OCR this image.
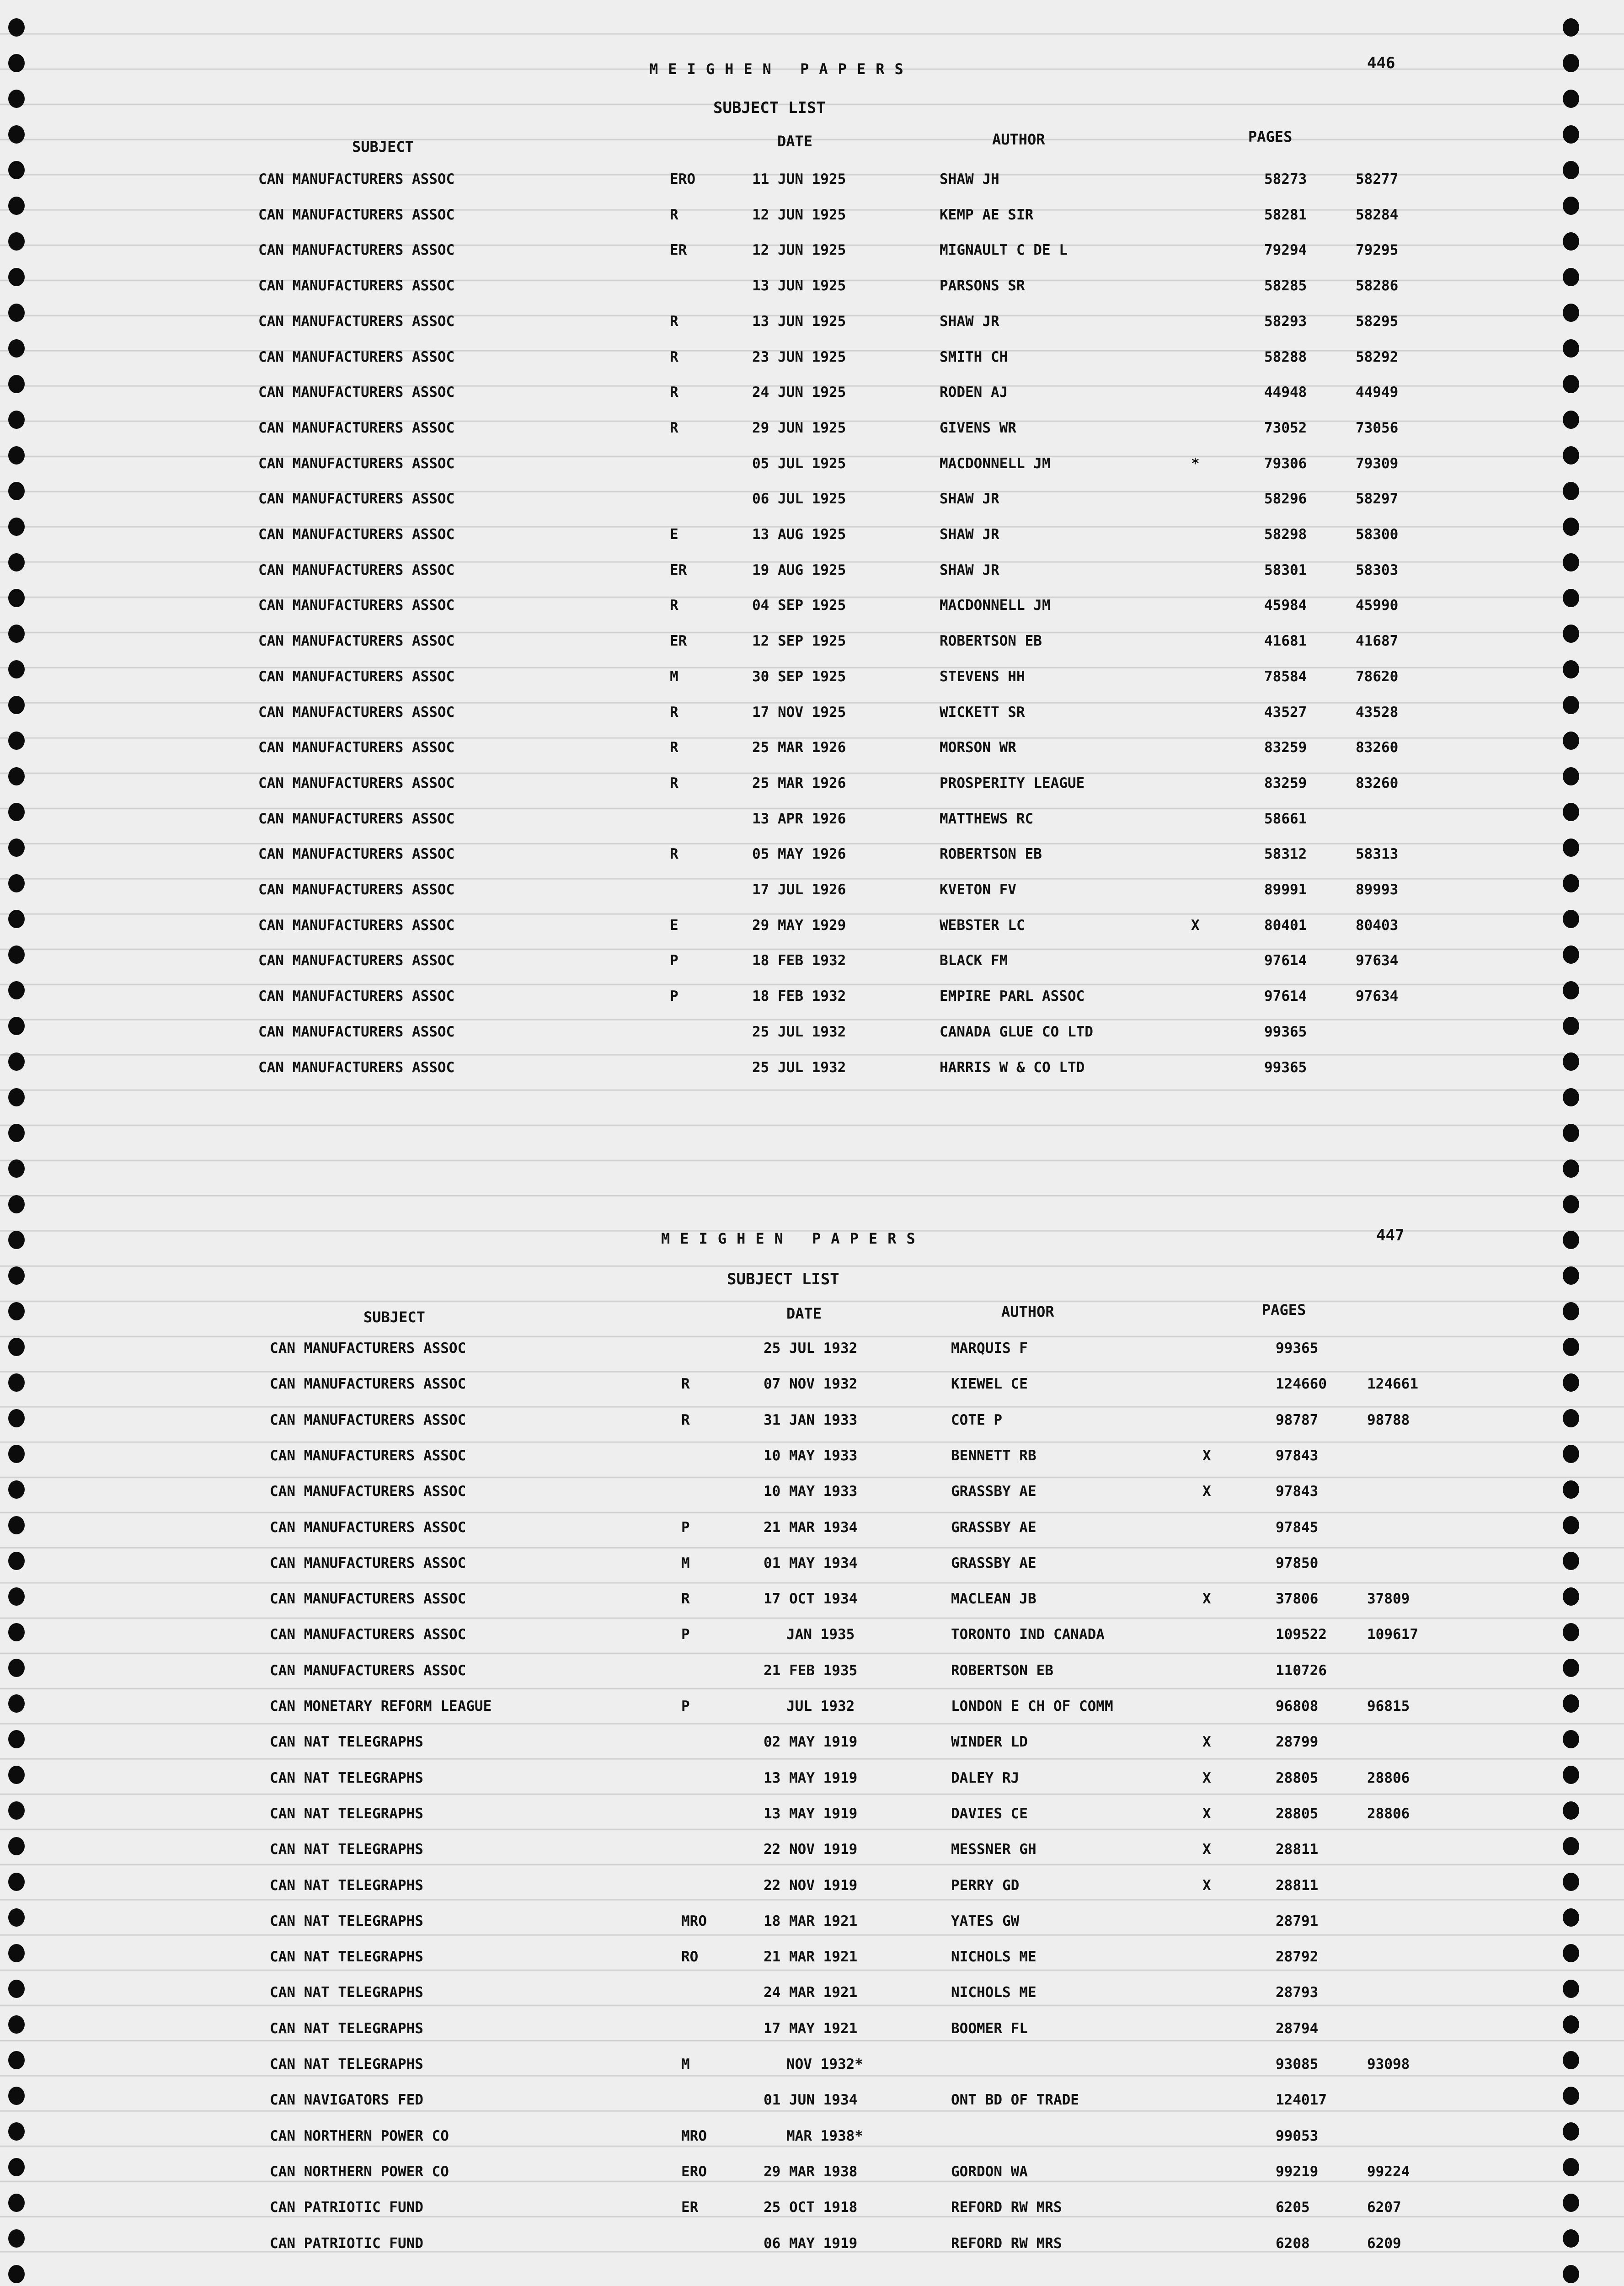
MEIGHEN PAPERS	446
SUBJECT LIST
SUBJECT	DATE	AUTHOR	PAGES
CAN MANUFACTURERS ASSOC	ERO	11 JUN 1925	SHAW JH	58273	58277
CAN MANUFACTURERS ASSOC	R	12 JUN 1925	KEMP AE SIR	58281	58284
CAN MANUFACTURERS ASSOC	ER	12 JUN 1925	MIGNAULT C DE L	79294	79295
CAN MANUFACTURERS ASSOC	13 JUN 1925	PARSONS SR	58285	58286
CAN MANUFACTURERS ASSOC	R	13 JUN 1925	SHAW JR	58293	58295
CAN MANUFACTURERS ASSOC	R	23 JUN 1925	SMITH CH	58288	58292
CAN MANUFACTURERS ASSOC	R	24 JUN 1925	RODEN AJ	44948	44949
CAN MANUFACTURERS ASSOC	R	29 JUN 1925	GIVENS WR	73052	73056
CAN MANUFACTURERS ASSOC	05 JUL 1925	MACDONNELL JM	*	79306	79309
CAN MANUFACTURERS ASSOC	06 JUL 1925	SHAW JR	58296	58297
CAN MANUFACTURERS ASSOC	E	13 AUG 1925	SHAW JR	58298	58300
CAN MANUFACTURERS ASSOC	ER	19 AUG 1925	SHAW JR	58301	58303
CAN MANUFACTURERS ASSOC	R	04 SEP 1925	MACDONNELL JM	45984	45990
CAN MANUFACTURERS ASSOC	ER	12 SEP 1925	ROBERTSON EB	41681	41687
CAN MANUFACTURERS ASSOC	M	30 SEP 1925	STEVENS HH	78584	78620
CAN MANUFACTURERS ASSOC	R	17 NOV 1925	WICKETT SR	43527	43528
CAN MANUFACTURERS ASSOC	R	25 MAR 1926	MORSON WR	83259	83260
CAN MANUFACTURERS ASSOC	R	25 MAR 1926	PROSPERITY LEAGUE	83259	83260
CAN MANUFACTURERS ASSOC	13 APR 1926	MATTHEWS RC	58661
CAN MANUFACTURERS ASSOC	R	05 MAY 1926	ROBERTSON EB	58312	58313
CAN MANUFACTURERS ASSOC	17 JUL 1926	KVETON FV	89991	89993
CAN MANUFACTURERS ASSOC	E	29 MAY 1929	WEBSTER LC	X	80401	80403
CAN MANUFACTURERS ASSOC	P	18 FEB 1932	BLACK FM	97614	97634
CAN MANUFACTURERS ASSOC	P	18 FEB 1932	EMPIRE PARL ASSOC	97614	97634
CAN MANUFACTURERS ASSOC	25 JUL 1932	CANADA GLUE CO LTD	99365
CAN MANUFACTURERS ASSOC	25 JUL 1932	HARRIS W & CO LTD	99365
MEIGHEN PAPERS	447
SUBJECT LIST
SUBJECT	DATE	AUTHOR	PAGES
CAN MANUFACTURERS ASSOC	25 JUL 1932	MARQUIS F	99365
CAN MANUFACTURERS ASSOC	R	07 NOV 1932	KIEWEL CE	124660	124661
CAN MANUFACTURERS ASSOC	R	31 JAN 1933	COTE P	98787	98788
CAN MANUFACTURERS ASSOC	10 MAY 1933	BENNETT RB	X	97843
CAN MANUFACTURERS ASSOC	10 MAY 1933	GRASSBY AE	X	97843
CAN MANUFACTURERS ASSOC	P	21 MAR 1934	GRASSBY AE	97845
CAN MANUFACTURERS ASSOC	M	01 MAY 1934	GRASSBY AE	97850
CAN MANUFACTURERS ASSOC	R	17 OCT 1934	MACLEAN JB	X	37806	37809
CAN MANUFACTURERS ASSOC	P	JAN 1935	TORONTO IND CANADA	109522	109617
CAN MANUFACTURERS ASSOC	21 FEB 1935	ROBERTSON EB	110726
CAN MONETARY REFORM LEAGUE	P	JUL 1932	LONDON E CH OF COMM	96808	96815
CAN NAT TELEGRAPHS	02 MAY 1919	WINDER LD	X	28799
CAN NAT TELEGRAPHS	13 MAY 1919	DALEY RJ	X	28805	28806
CAN NAT TELEGRAPHS	13 MAY 1919	DAVIES CE	X	28805	28806
CAN NAT TELEGRAPHS	22 NOV 1919	MESSNER GH	X	28811
CAN NAT TELEGRAPHS	22 NOV 1919	PERRY GD	X	28811
CAN NAT TELEGRAPHS	MRO	18 MAR 1921	YATES GW	28791
CAN NAT TELEGRAPHS	RO	21 MAR 1921	NICHOLS ME	28792
CAN NAT TELEGRAPHS	24 MAR 1921	NICHOLS ME	28793
CAN NAT TELEGRAPHS	17 MAY 1921	BOOMER FL	28794
CAN NAT TELEGRAPHS	M	NOV 1932*	93085	93098
CAN NAVIGATORS FED	01 JUN 1934	ONT BD OF TRADE	124017
CAN NORTHERN POWER CO	MRO	MAR 1938*	99053
CAN NORTHERN POWER CO	ERO	29 MAR 1938	GORDON WA	99219	99224
CAN PATRIOTIC FUND	ER	25 OCT 1918	REFORD RW MRS	6205	6207
CAN PATRIOTIC FUND	06 MAY 1919	REFORD RW MRS	6208	6209
